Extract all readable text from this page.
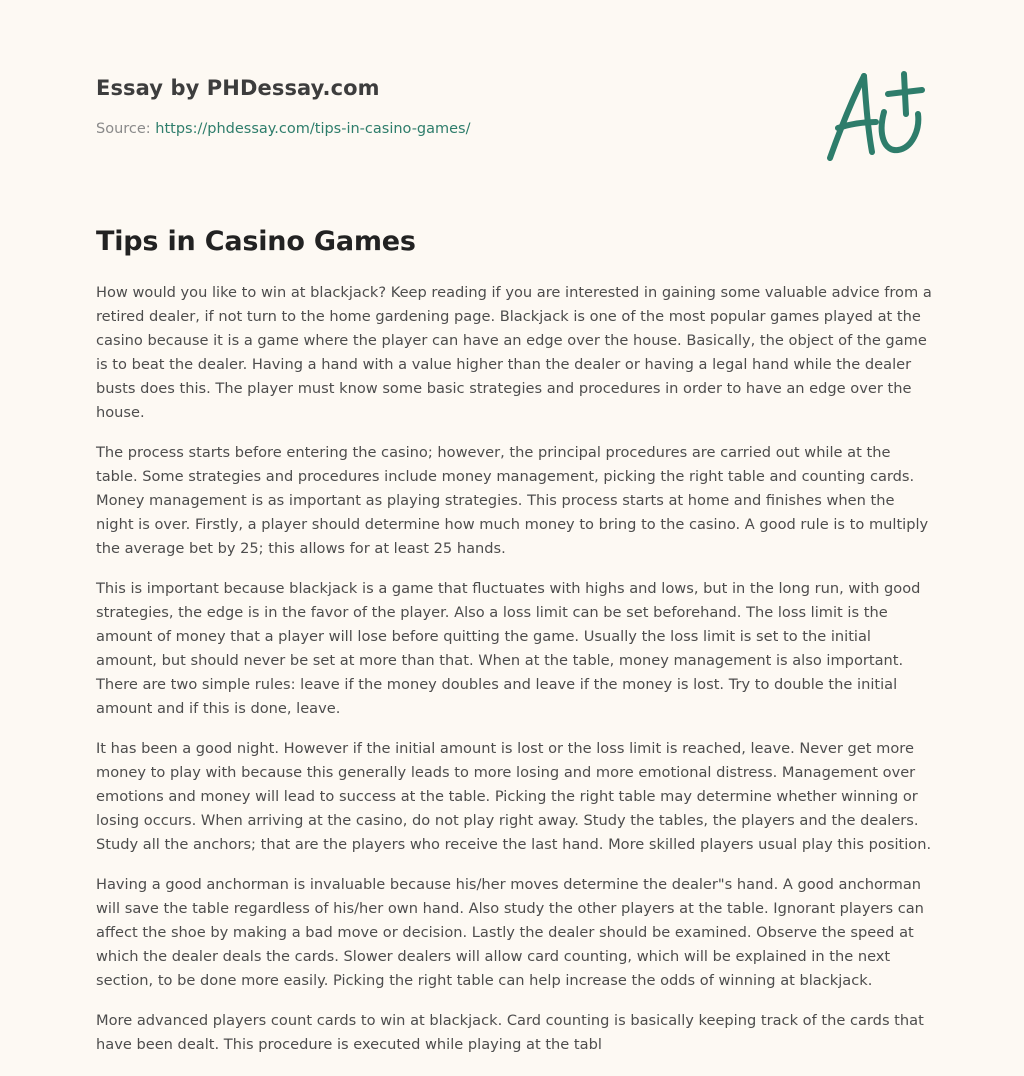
Essay by PHDessay.com
Source: https://phdessay.com/tips-in-casino-games/
Tips in Casino Games

How would you like to win at blackjack? Keep reading if you are interested in gaining some valuable advice from a retired dealer, if not turn to the home gardening page. Blackjack is one of the most popular games played at the casino because it is a game where the player can have an edge over the house. Basically, the object of the game is to beat the dealer. Having a hand with a value higher than the dealer or having a legal hand while the dealer busts does this. The player must know some basic strategies and procedures in order to have an edge over the house.

The process starts before entering the casino; however, the principal procedures are carried out while at the table. Some strategies and procedures include money management, picking the right table and counting cards. Money management is as important as playing strategies. This process starts at home and finishes when the night is over. Firstly, a player should determine how much money to bring to the casino. A good rule is to multiply the average bet by 25; this allows for at least 25 hands.

This is important because blackjack is a game that fluctuates with highs and lows, but in the long run, with good strategies, the edge is in the favor of the player. Also a loss limit can be set beforehand. The loss limit is the amount of money that a player will lose before quitting the game. Usually the loss limit is set to the initial amount, but should never be set at more than that. When at the table, money management is also important. There are two simple rules: leave if the money doubles and leave if the money is lost. Try to double the initial amount and if this is done, leave.

It has been a good night. However if the initial amount is lost or the loss limit is reached, leave. Never get more money to play with because this generally leads to more losing and more emotional distress. Management over emotions and money will lead to success at the table. Picking the right table may determine whether winning or losing occurs. When arriving at the casino, do not play right away. Study the tables, the players and the dealers. Study all the anchors; that are the players who receive the last hand. More skilled players usual play this position.

Having a good anchorman is invaluable because his/her moves determine the dealer"s hand. A good anchorman will save the table regardless of his/her own hand. Also study the other players at the table. Ignorant players can affect the shoe by making a bad move or decision. Lastly the dealer should be examined. Observe the speed at which the dealer deals the cards. Slower dealers will allow card counting, which will be explained in the next section, to be done more easily. Picking the right table can help increase the odds of winning at blackjack.

More advanced players count cards to win at blackjack. Card counting is basically keeping track of the cards that have been dealt. This procedure is executed while playing at the tabl
